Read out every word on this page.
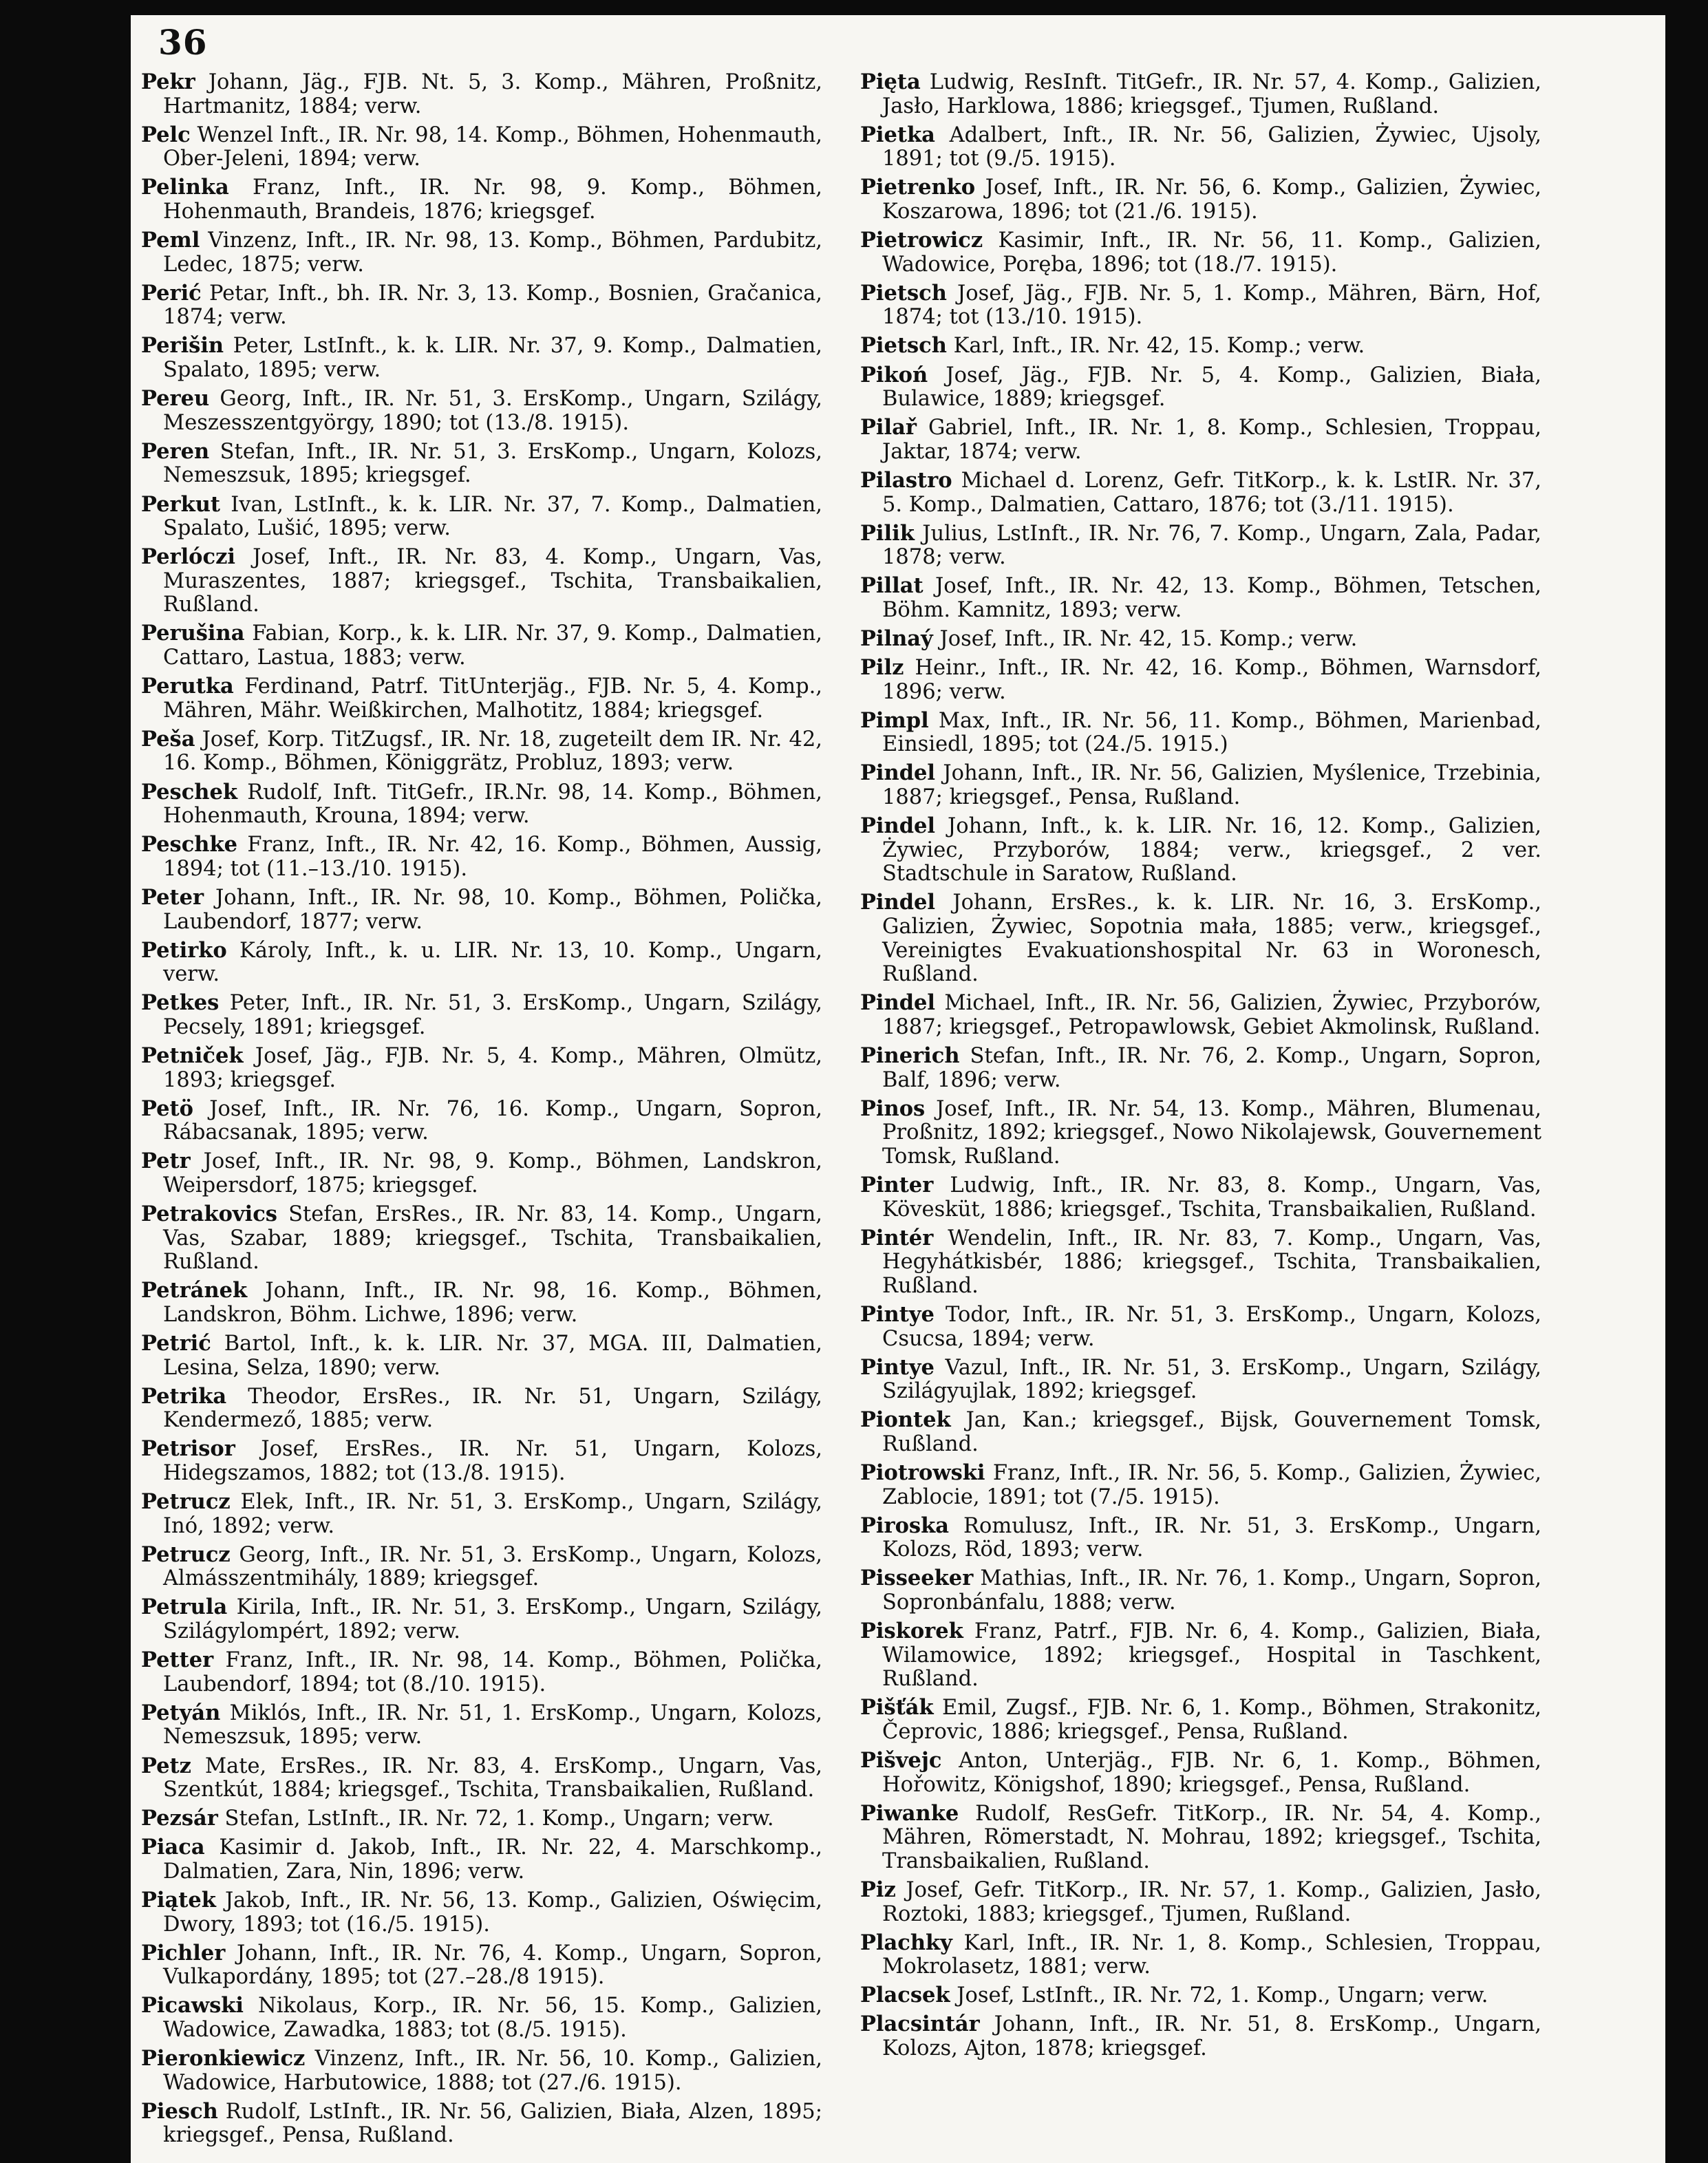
36

Pekr Johann, Jäg., FJB. Nt. 5, 3. Komp., Mähren, Proßnitz, Hartmanitz, 1884; verw.

Pelc Wenzel Inft., IR. Nr. 98, 14. Komp., Böhmen, Hohenmauth, Ober-Jeleni, 1894; verw.

Pelinka Franz, Inft., IR. Nr. 98, 9. Komp., Böhmen, Hohenmauth, Brandeis, 1876; kriegsgef.

Peml Vinzenz, Inft., IR. Nr. 98, 13. Komp., Böhmen, Pardubitz, Ledec, 1875; verw.

Perić Petar, Inft., bh. IR. Nr. 3, 13. Komp., Bosnien, Gračanica, 1874; verw.

Perišin Peter, LstInft., k. k. LIR. Nr. 37, 9. Komp., Dalmatien, Spalato, 1895; verw.

Pereu Georg, Inft., IR. Nr. 51, 3. ErsKomp., Ungarn, Szilágy, Meszesszentgyörgy, 1890; tot (13./8. 1915).

Peren Stefan, Inft., IR. Nr. 51, 3. ErsKomp., Ungarn, Kolozs, Nemeszsuk, 1895; kriegsgef.

Perkut Ivan, LstInft., k. k. LIR. Nr. 37, 7. Komp., Dalmatien, Spalato, Lušić, 1895; verw.

Perlóczi Josef, Inft., IR. Nr. 83, 4. Komp., Ungarn, Vas, Muraszentes, 1887; kriegsgef., Tschita, Transbaikalien, Rußland.

Perušina Fabian, Korp., k. k. LIR. Nr. 37, 9. Komp., Dalmatien, Cattaro, Lastua, 1883; verw.

Perutka Ferdinand, Patrf. TitUnterjäg., FJB. Nr. 5, 4. Komp., Mähren, Mähr. Weißkirchen, Malhotitz, 1884; kriegsgef.

Peša Josef, Korp. TitZugsf., IR. Nr. 18, zugeteilt dem IR. Nr. 42, 16. Komp., Böhmen, Königgrätz, Probluz, 1893; verw.

Peschek Rudolf, Inft. TitGefr., IR.Nr. 98, 14. Komp., Böhmen, Hohenmauth, Krouna, 1894; verw.

Peschke Franz, Inft., IR. Nr. 42, 16. Komp., Böhmen, Aussig, 1894; tot (11.–13./10. 1915).

Peter Johann, Inft., IR. Nr. 98, 10. Komp., Böhmen, Polička, Laubendorf, 1877; verw.

Petirko Károly, Inft., k. u. LIR. Nr. 13, 10. Komp., Ungarn, verw.

Petkes Peter, Inft., IR. Nr. 51, 3. ErsKomp., Ungarn, Szilágy, Pecsely, 1891; kriegsgef.

Petniček Josef, Jäg., FJB. Nr. 5, 4. Komp., Mähren, Olmütz, 1893; kriegsgef.

Petö Josef, Inft., IR. Nr. 76, 16. Komp., Ungarn, Sopron, Rábacsanak, 1895; verw.

Petr Josef, Inft., IR. Nr. 98, 9. Komp., Böhmen, Landskron, Weipersdorf, 1875; kriegsgef.

Petrakovics Stefan, ErsRes., IR. Nr. 83, 14. Komp., Ungarn, Vas, Szabar, 1889; kriegsgef., Tschita, Transbaikalien, Rußland.

Petránek Johann, Inft., IR. Nr. 98, 16. Komp., Böhmen, Landskron, Böhm. Lichwe, 1896; verw.

Petrić Bartol, Inft., k. k. LIR. Nr. 37, MGA. III, Dalmatien, Lesina, Selza, 1890; verw.

Petrika Theodor, ErsRes., IR. Nr. 51, Ungarn, Szilágy, Kendermező, 1885; verw.

Petrisor Josef, ErsRes., IR. Nr. 51, Ungarn, Kolozs, Hidegszamos, 1882; tot (13./8. 1915).

Petrucz Elek, Inft., IR. Nr. 51, 3. ErsKomp., Ungarn, Szilágy, Inó, 1892; verw.

Petrucz Georg, Inft., IR. Nr. 51, 3. ErsKomp., Ungarn, Kolozs, Almásszentmihály, 1889; kriegsgef.

Petrula Kirila, Inft., IR. Nr. 51, 3. ErsKomp., Ungarn, Szilágy, Szilágylompért, 1892; verw.

Petter Franz, Inft., IR. Nr. 98, 14. Komp., Böhmen, Polička, Laubendorf, 1894; tot (8./10. 1915).

Petyán Miklós, Inft., IR. Nr. 51, 1. ErsKomp., Ungarn, Kolozs, Nemeszsuk, 1895; verw.

Petz Mate, ErsRes., IR. Nr. 83, 4. ErsKomp., Ungarn, Vas, Szentkút, 1884; kriegsgef., Tschita, Transbaikalien, Rußland.

Pezsár Stefan, LstInft., IR. Nr. 72, 1. Komp., Ungarn; verw.

Piaca Kasimir d. Jakob, Inft., IR. Nr. 22, 4. Marschkomp., Dalmatien, Zara, Nin, 1896; verw.

Piątek Jakob, Inft., IR. Nr. 56, 13. Komp., Galizien, Oświęcim, Dwory, 1893; tot (16./5. 1915).

Pichler Johann, Inft., IR. Nr. 76, 4. Komp., Ungarn, Sopron, Vulkapordány, 1895; tot (27.–28./8 1915).

Picawski Nikolaus, Korp., IR. Nr. 56, 15. Komp., Galizien, Wadowice, Zawadka, 1883; tot (8./5. 1915).

Pieronkiewicz Vinzenz, Inft., IR. Nr. 56, 10. Komp., Galizien, Wadowice, Harbutowice, 1888; tot (27./6. 1915).

Piesch Rudolf, LstInft., IR. Nr. 56, Galizien, Biała, Alzen, 1895; kriegsgef., Pensa, Rußland.

Pięta Ludwig, ResInft. TitGefr., IR. Nr. 57, 4. Komp., Galizien, Jasło, Harklowa, 1886; kriegsgef., Tjumen, Rußland.

Pietka Adalbert, Inft., IR. Nr. 56, Galizien, Żywiec, Ujsoly, 1891; tot (9./5. 1915).

Pietrenko Josef, Inft., IR. Nr. 56, 6. Komp., Galizien, Żywiec, Koszarowa, 1896; tot (21./6. 1915).

Pietrowicz Kasimir, Inft., IR. Nr. 56, 11. Komp., Galizien, Wadowice, Poręba, 1896; tot (18./7. 1915).

Pietsch Josef, Jäg., FJB. Nr. 5, 1. Komp., Mähren, Bärn, Hof, 1874; tot (13./10. 1915).

Pietsch Karl, Inft., IR. Nr. 42, 15. Komp.; verw.

Pikoń Josef, Jäg., FJB. Nr. 5, 4. Komp., Galizien, Biała, Bulawice, 1889; kriegsgef.

Pilař Gabriel, Inft., IR. Nr. 1, 8. Komp., Schlesien, Troppau, Jaktar, 1874; verw.

Pilastro Michael d. Lorenz, Gefr. TitKorp., k. k. LstIR. Nr. 37, 5. Komp., Dalmatien, Cattaro, 1876; tot (3./11. 1915).

Pilik Julius, LstInft., IR. Nr. 76, 7. Komp., Ungarn, Zala, Padar, 1878; verw.

Pillat Josef, Inft., IR. Nr. 42, 13. Komp., Böhmen, Tetschen, Böhm. Kamnitz, 1893; verw.

Pilnaý Josef, Inft., IR. Nr. 42, 15. Komp.; verw.

Pilz Heinr., Inft., IR. Nr. 42, 16. Komp., Böhmen, Warnsdorf, 1896; verw.

Pimpl Max, Inft., IR. Nr. 56, 11. Komp., Böhmen, Marienbad, Einsiedl, 1895; tot (24./5. 1915.)

Pindel Johann, Inft., IR. Nr. 56, Galizien, Myślenice, Trzebinia, 1887; kriegsgef., Pensa, Rußland.

Pindel Johann, Inft., k. k. LIR. Nr. 16, 12. Komp., Galizien, Żywiec, Przyborów, 1884; verw., kriegsgef., 2 ver. Stadtschule in Saratow, Rußland.

Pindel Johann, ErsRes., k. k. LIR. Nr. 16, 3. ErsKomp., Galizien, Żywiec, Sopotnia mała, 1885; verw., kriegsgef., Vereinigtes Evakuationshospital Nr. 63 in Woronesch, Rußland.

Pindel Michael, Inft., IR. Nr. 56, Galizien, Żywiec, Przyborów, 1887; kriegsgef., Petropawlowsk, Gebiet Akmolinsk, Rußland.

Pinerich Stefan, Inft., IR. Nr. 76, 2. Komp., Ungarn, Sopron, Balf, 1896; verw.

Pinos Josef, Inft., IR. Nr. 54, 13. Komp., Mähren, Blumenau, Proßnitz, 1892; kriegsgef., Nowo Nikolajewsk, Gouvernement Tomsk, Rußland.

Pinter Ludwig, Inft., IR. Nr. 83, 8. Komp., Ungarn, Vas, Kövesküt, 1886; kriegsgef., Tschita, Transbaikalien, Rußland.

Pintér Wendelin, Inft., IR. Nr. 83, 7. Komp., Ungarn, Vas, Hegyhátkisbér, 1886; kriegsgef., Tschita, Transbaikalien, Rußland.

Pintye Todor, Inft., IR. Nr. 51, 3. ErsKomp., Ungarn, Kolozs, Csucsa, 1894; verw.

Pintye Vazul, Inft., IR. Nr. 51, 3. ErsKomp., Ungarn, Szilágy, Szilágyujlak, 1892; kriegsgef.

Piontek Jan, Kan.; kriegsgef., Bijsk, Gouvernement Tomsk, Rußland.

Piotrowski Franz, Inft., IR. Nr. 56, 5. Komp., Galizien, Żywiec, Zablocie, 1891; tot (7./5. 1915).

Piroska Romulusz, Inft., IR. Nr. 51, 3. ErsKomp., Ungarn, Kolozs, Röd, 1893; verw.

Pisseeker Mathias, Inft., IR. Nr. 76, 1. Komp., Ungarn, Sopron, Sopronbánfalu, 1888; verw.

Piskorek Franz, Patrf., FJB. Nr. 6, 4. Komp., Galizien, Biała, Wilamowice, 1892; kriegsgef., Hospital in Taschkent, Rußland.

Pišťák Emil, Zugsf., FJB. Nr. 6, 1. Komp., Böhmen, Strakonitz, Čeprovic, 1886; kriegsgef., Pensa, Rußland.

Pišvejc Anton, Unterjäg., FJB. Nr. 6, 1. Komp., Böhmen, Hořowitz, Königshof, 1890; kriegsgef., Pensa, Rußland.

Piwanke Rudolf, ResGefr. TitKorp., IR. Nr. 54, 4. Komp., Mähren, Römerstadt, N. Mohrau, 1892; kriegsgef., Tschita, Transbaikalien, Rußland.

Piz Josef, Gefr. TitKorp., IR. Nr. 57, 1. Komp., Galizien, Jasło, Roztoki, 1883; kriegsgef., Tjumen, Rußland.

Plachky Karl, Inft., IR. Nr. 1, 8. Komp., Schlesien, Troppau, Mokrolasetz, 1881; verw.

Placsek Josef, LstInft., IR. Nr. 72, 1. Komp., Ungarn; verw.

Placsintár Johann, Inft., IR. Nr. 51, 8. ErsKomp., Ungarn, Kolozs, Ajton, 1878; kriegsgef.
